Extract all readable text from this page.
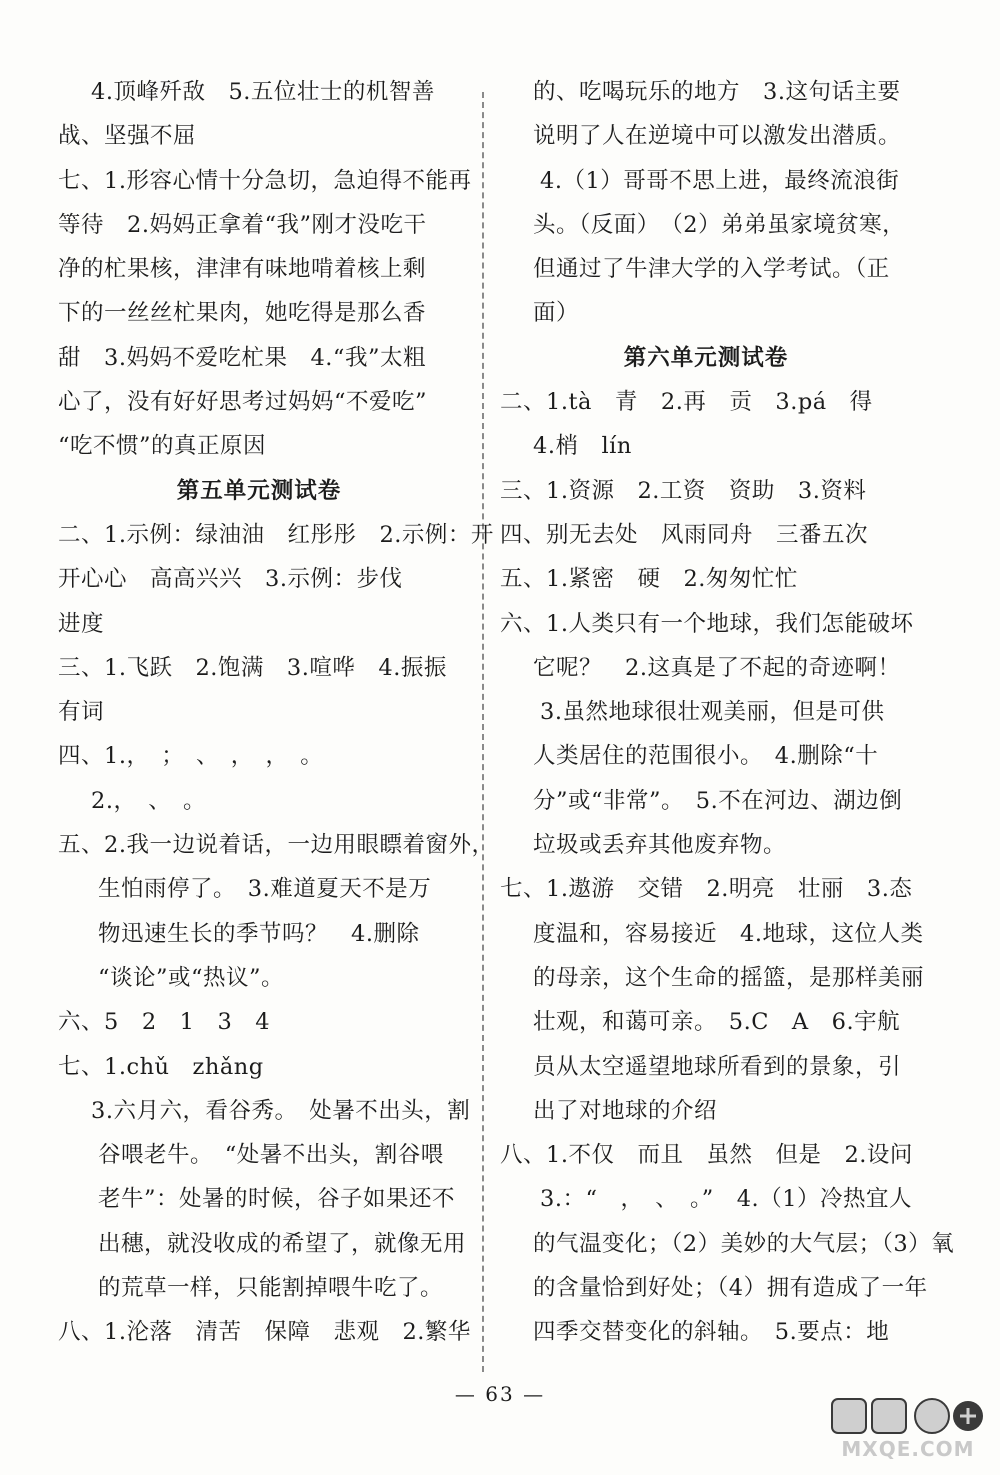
4.顶峰歼敌　5.五位壮士的机智善
战、坚强不屈
七、1.形容心情十分急切，急迫得不能再
等待　2.妈妈正拿着“我”刚才没吃干
净的杧果核，津津有味地啃着核上剩
下的一丝丝杧果肉，她吃得是那么香
甜　3.妈妈不爱吃杧果　4.“我”太粗
心了，没有好好思考过妈妈“不爱吃”
“吃不惯”的真正原因
第五单元测试卷
二、1.示例：绿油油　红彤彤　2.示例：开
开心心　高高兴兴　3.示例：步伐
进度
三、1.飞跃　2.饱满　3.喧哗　4.振振
有词
四、1.，　；　、　，　，　。
2.，　、　。
五、2.我一边说着话，一边用眼瞟着窗外，
生怕雨停了。　3.难道夏天不是万
物迅速生长的季节吗？　4.删除
“谈论”或“热议”。
六、5　2　1　3　4
七、1.chǔ　zhǎng
3.六月六，看谷秀。　处暑不出头，割
谷喂老牛。　“处暑不出头，割谷喂
老牛”：处暑的时候，谷子如果还不
出穗，就没收成的希望了，就像无用
的荒草一样，只能割掉喂牛吃了。
八、1.沦落　清苦　保障　悲观　2.繁华
的、吃喝玩乐的地方　3.这句话主要
说明了人在逆境中可以激发出潜质。
4.（1）哥哥不思上进，最终流浪街
头。（反面）　（2）弟弟虽家境贫寒，
但通过了牛津大学的入学考试。（正
面）
第六单元测试卷
二、1.tà　青　2.再　贡　3.pá　得
4.梢　lín
三、1.资源　2.工资　资助　3.资料
四、别无去处　风雨同舟　三番五次
五、1.紧密　硬　2.匆匆忙忙
六、1.人类只有一个地球，我们怎能破坏
它呢？　2.这真是了不起的奇迹啊！
3.虽然地球很壮观美丽，但是可供
人类居住的范围很小。　4.删除“十
分”或“非常”。　5.不在河边、湖边倒
垃圾或丢弃其他废弃物。
七、1.遨游　交错　2.明亮　壮丽　3.态
度温和，容易接近　4.地球，这位人类
的母亲，这个生命的摇篮，是那样美丽
壮观，和蔼可亲。　5.C　A　6.宇航
员从太空遥望地球所看到的景象，引
出了对地球的介绍
八、1.不仅　而且　虽然　但是　2.设问
3.：“　，　、　。”　4.（1）冷热宜人
的气温变化；（2）美妙的大气层；（3）氧
的含量恰到好处；（4）拥有造成了一年
四季交替变化的斜轴。　5.要点：地
— 63 —
MXQE.COM
